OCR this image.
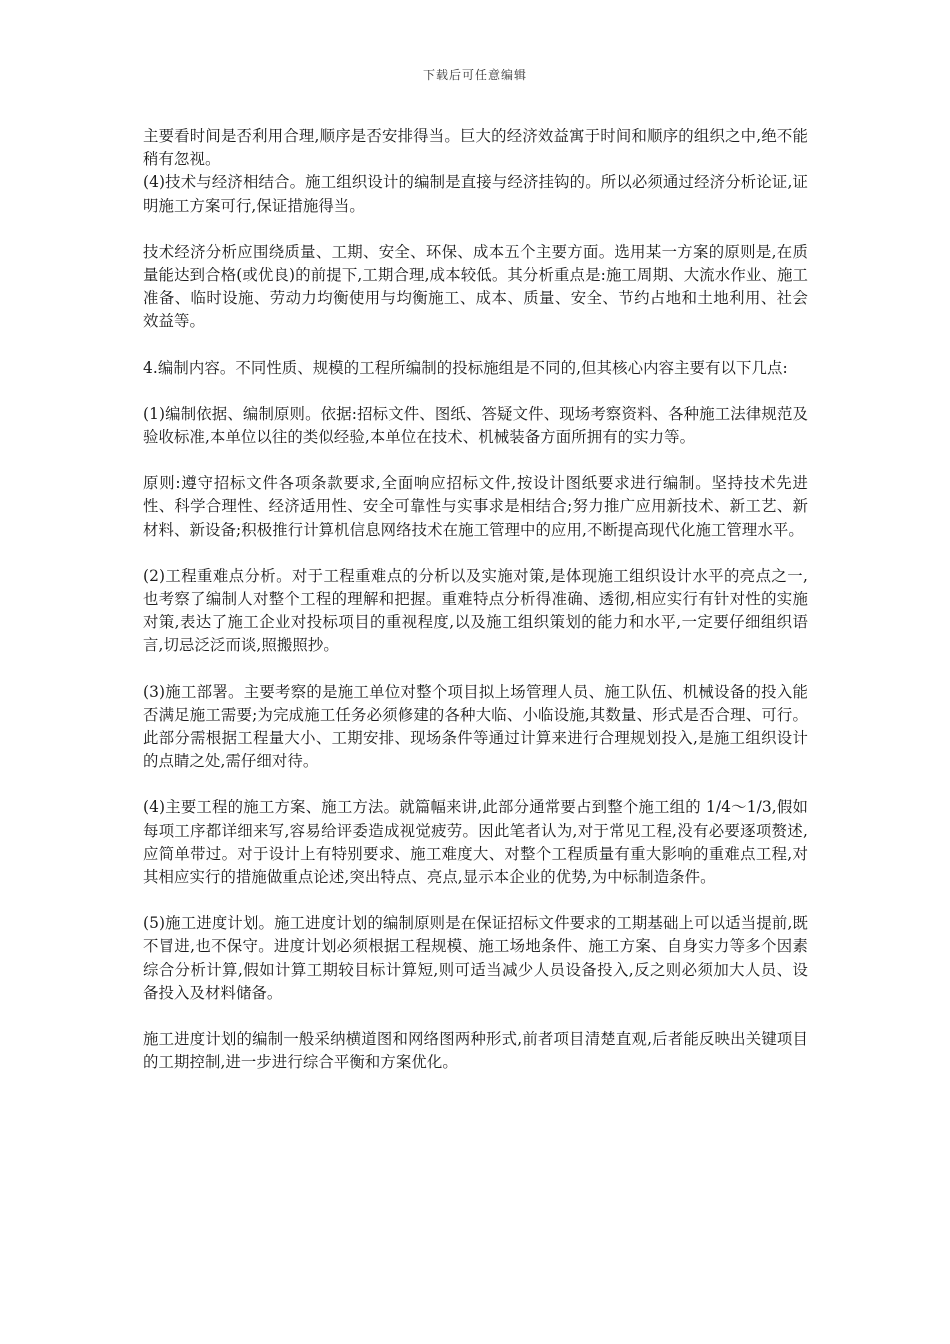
下载后可任意编辑

主要看时间是否利用合理,顺序是否安排得当。巨大的经济效益寓于时间和顺序的组织之中,绝不能稍有忽视。

(4)技术与经济相结合。施工组织设计的编制是直接与经济挂钩的。所以必须通过经济分析论证,证明施工方案可行,保证措施得当。

技术经济分析应围绕质量、工期、安全、环保、成本五个主要方面。选用某一方案的原则是,在质量能达到合格(或优良)的前提下,工期合理,成本较低。其分析重点是:施工周期、大流水作业、施工准备、临时设施、劳动力均衡使用与均衡施工、成本、质量、安全、节约占地和土地利用、社会效益等。

4.编制内容。不同性质、规模的工程所编制的投标施组是不同的,但其核心内容主要有以下几点:

(1)编制依据、编制原则。依据:招标文件、图纸、答疑文件、现场考察资料、各种施工法律规范及验收标准,本单位以往的类似经验,本单位在技术、机械装备方面所拥有的实力等。

原则:遵守招标文件各项条款要求,全面响应招标文件,按设计图纸要求进行编制。坚持技术先进性、科学合理性、经济适用性、安全可靠性与实事求是相结合;努力推广应用新技术、新工艺、新材料、新设备;积极推行计算机信息网络技术在施工管理中的应用,不断提高现代化施工管理水平。

(2)工程重难点分析。对于工程重难点的分析以及实施对策,是体现施工组织设计水平的亮点之一,也考察了编制人对整个工程的理解和把握。重难特点分析得准确、透彻,相应实行有针对性的实施对策,表达了施工企业对投标项目的重视程度,以及施工组织策划的能力和水平,一定要仔细组织语言,切忌泛泛而谈,照搬照抄。

(3)施工部署。主要考察的是施工单位对整个项目拟上场管理人员、施工队伍、机械设备的投入能否满足施工需要;为完成施工任务必须修建的各种大临、小临设施,其数量、形式是否合理、可行。此部分需根据工程量大小、工期安排、现场条件等通过计算来进行合理规划投入,是施工组织设计的点睛之处,需仔细对待。

(4)主要工程的施工方案、施工方法。就篇幅来讲,此部分通常要占到整个施工组的 1/4～1/3,假如每项工序都详细来写,容易给评委造成视觉疲劳。因此笔者认为,对于常见工程,没有必要逐项赘述,应简单带过。对于设计上有特别要求、施工难度大、对整个工程质量有重大影响的重难点工程,对其相应实行的措施做重点论述,突出特点、亮点,显示本企业的优势,为中标制造条件。

(5)施工进度计划。施工进度计划的编制原则是在保证招标文件要求的工期基础上可以适当提前,既不冒进,也不保守。进度计划必须根据工程规模、施工场地条件、施工方案、自身实力等多个因素综合分析计算,假如计算工期较目标计算短,则可适当减少人员设备投入,反之则必须加大人员、设备投入及材料储备。

施工进度计划的编制一般采纳横道图和网络图两种形式,前者项目清楚直观,后者能反映出关键项目的工期控制,进一步进行综合平衡和方案优化。
